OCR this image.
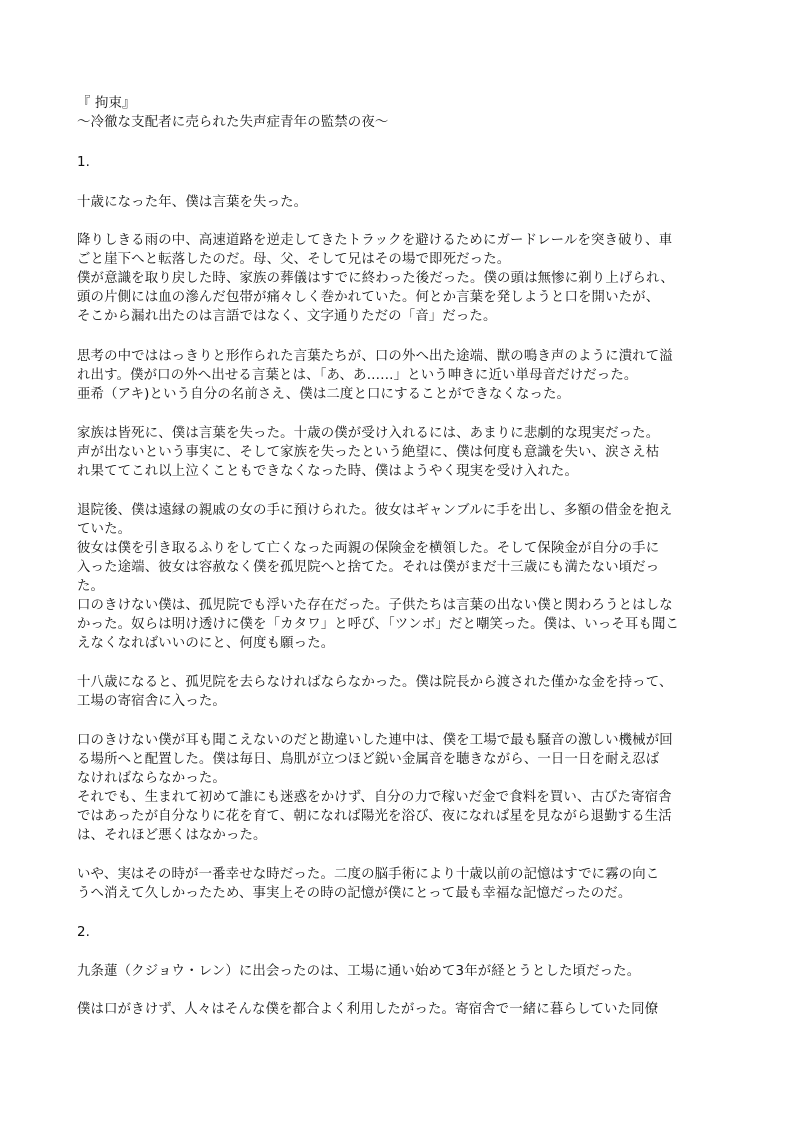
『 拘束』
～冷徹な支配者に売られた失声症青年の監禁の夜～
1.
十歳になった年、僕は言葉を失った。
降りしきる雨の中、高速道路を逆走してきたトラックを避けるためにガードレールを突き破り、車
ごと崖下へと転落したのだ。母、父、そして兄はその場で即死だった。
僕が意識を取り戻した時、家族の葬儀はすでに終わった後だった。僕の頭は無惨に剃り上げられ、
頭の片側には血の滲んだ包帯が痛々しく巻かれていた。何とか言葉を発しようと口を開いたが、
そこから漏れ出たのは言語ではなく、文字通りただの「音」だった。
思考の中でははっきりと形作られた言葉たちが、口の外へ出た途端、獣の鳴き声のように潰れて溢
れ出す。僕が口の外へ出せる言葉とは、「あ、あ……」という呻きに近い単母音だけだった。
亜希（アキ)という自分の名前さえ、僕は二度と口にすることができなくなった。
家族は皆死に、僕は言葉を失った。十歳の僕が受け入れるには、あまりに悲劇的な現実だった。
声が出ないという事実に、そして家族を失ったという絶望に、僕は何度も意識を失い、涙さえ枯
れ果ててこれ以上泣くこともできなくなった時、僕はようやく現実を受け入れた。
退院後、僕は遠縁の親戚の女の手に預けられた。彼女はギャンブルに手を出し、多額の借金を抱え
ていた。
彼女は僕を引き取るふりをして亡くなった両親の保険金を横領した。そして保険金が自分の手に
入った途端、彼女は容赦なく僕を孤児院へと捨てた。それは僕がまだ十三歳にも満たない頃だっ
た。
口のきけない僕は、孤児院でも浮いた存在だった。子供たちは言葉の出ない僕と関わろうとはしな
かった。奴らは明け透けに僕を「カタワ」と呼び、「ツンボ」だと嘲笑った。僕は、いっそ耳も聞こ
えなくなればいいのにと、何度も願った。
十八歳になると、孤児院を去らなければならなかった。僕は院長から渡された僅かな金を持って、
工場の寄宿舎に入った。
口のきけない僕が耳も聞こえないのだと勘違いした連中は、僕を工場で最も騒音の激しい機械が回
る場所へと配置した。僕は毎日、鳥肌が立つほど鋭い金属音を聴きながら、一日一日を耐え忍ば
なければならなかった。
それでも、生まれて初めて誰にも迷惑をかけず、自分の力で稼いだ金で食料を買い、古びた寄宿舎
ではあったが自分なりに花を育て、朝になれば陽光を浴び、夜になれば星を見ながら退勤する生活
は、それほど悪くはなかった。
いや、実はその時が一番幸せな時だった。二度の脳手術により十歳以前の記憶はすでに霧の向こ
うへ消えて久しかったため、事実上その時の記憶が僕にとって最も幸福な記憶だったのだ。
2.
九条蓮（クジョウ・レン）に出会ったのは、工場に通い始めて3年が経とうとした頃だった。
僕は口がきけず、人々はそんな僕を都合よく利用したがった。寄宿舎で一緒に暮らしていた同僚
